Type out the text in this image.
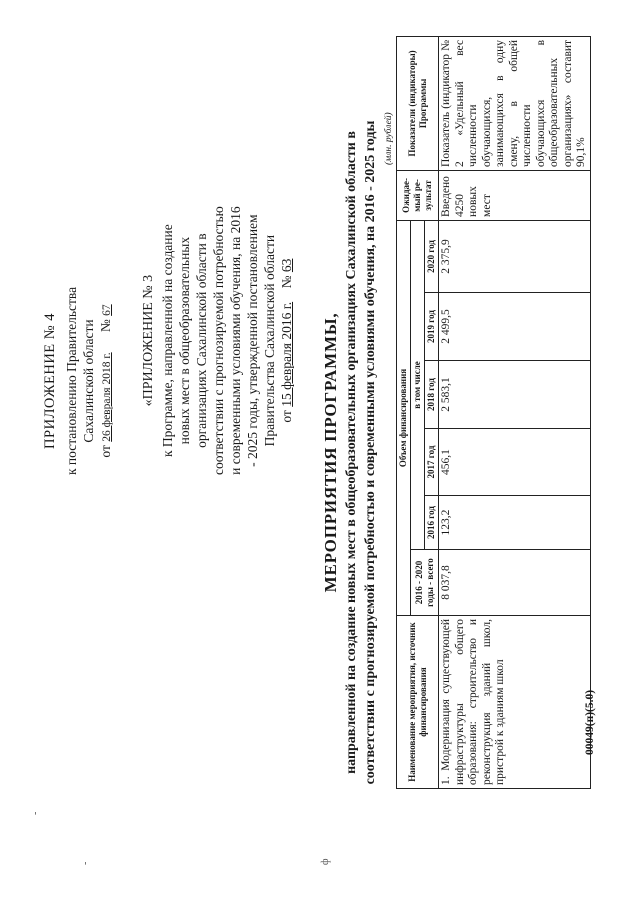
ПРИЛОЖЕНИЕ № 4 к постановлению Правительства Сахалинской области
от 26 февраля 2018 г.      № 67 «ПРИЛОЖЕНИЕ № 3 к Программе, направленной на создание новых мест в общеобразовательных организациях Сахалинской области в соответствии с прогнозируемой потребностью и современными условиями обучения, на 2016 - 2025 годы, утвержденной постановлением Правительства Сахалинской области от 15 февраля 2016 г.    № 63
МЕРОПРИЯТИЯ ПРОГРАММЫ, направленной на создание новых мест в общеобразовательных организациях Сахалинской области в соответствии с прогнозируемой потребностью и современными условиями обучения, на 2016 - 2025 годы (млн. рублей)
Наименование мероприятия, источник финансирования	Объем финансирования						Ожидае- мый ре- зультат	Показатели (индикаторы) Программы
	2016 - 2020 годы - всего	в том числе						
		2016 год	2017 год	2018 год	2019 год	2020 год		
1. Модернизация существующей инфраструктуры общего образования: строительство и реконструкция зданий школ, пристрой к зданиям школ	8 037,8	123,2	456,1	2 583,1	2 499,5	2 375,9	Введено 4250 новых мест	Показатель (индикатор № 2 «Удельный вес численности обучающихся, занимающихся в одну смену, в общей численности обучающихся в общеобразовательных организациях» составит 90,1%
00049(п)(5.0)
-
-
ф
